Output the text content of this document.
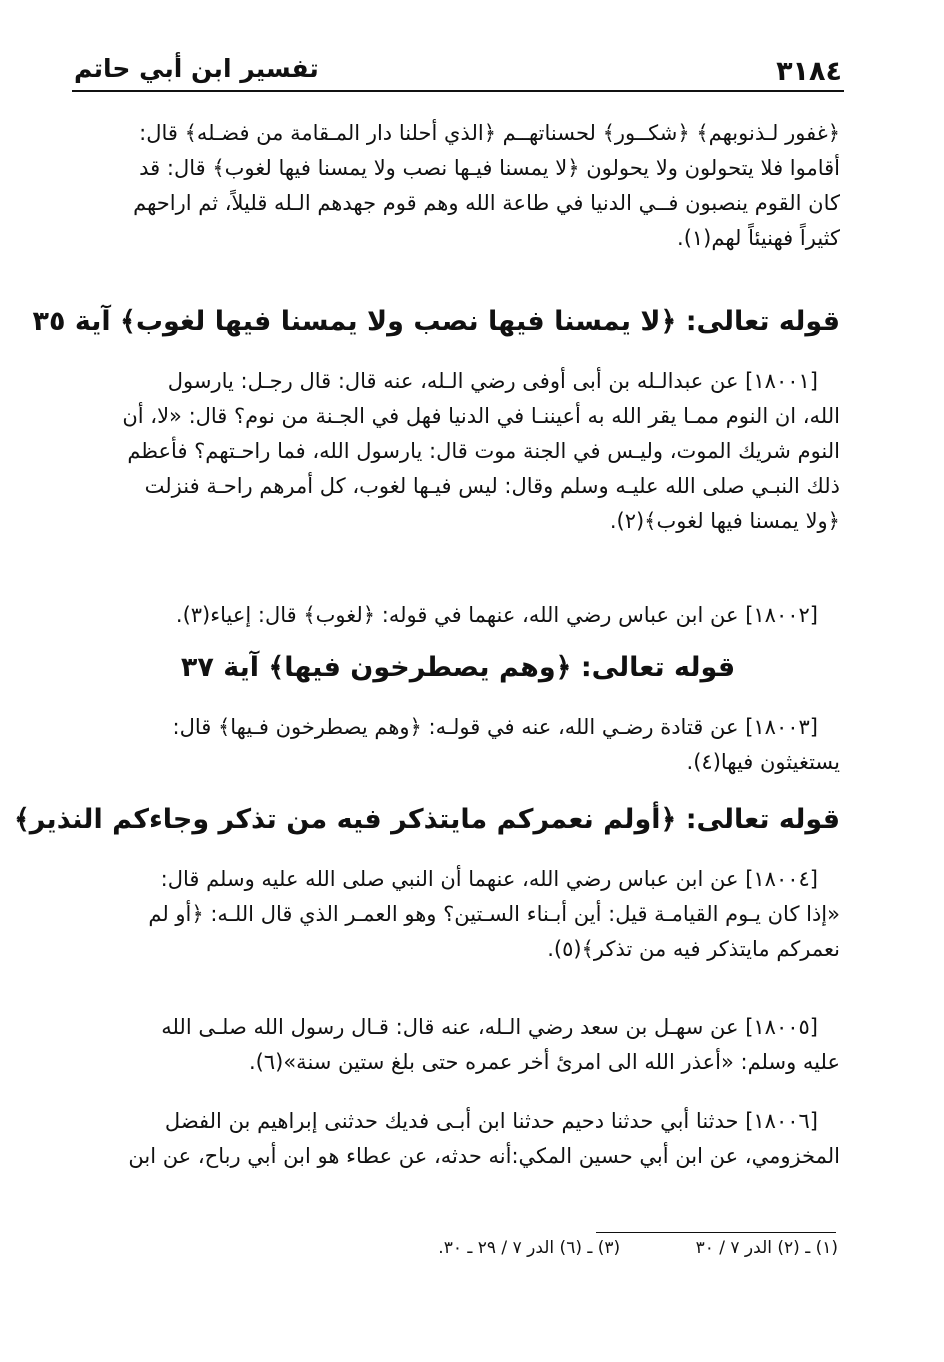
٣١٨٤
تفسير ابن أبي حاتم
﴿غفور لـذنوبهم﴾ ﴿شكــور﴾ لحسناتهــم ﴿الذي أحلنا دار المـقامة من فضـله﴾ قال:
أقاموا فلا يتحولون ولا يحولون ﴿لا يمسنا فيـها نصب ولا يمسنا فيها لغوب﴾ قال: قد
كان القوم ينصبون فــي الدنيا في طاعة الله وهم قوم جهدهم الـله قليلاً، ثم اراحهم
كثيراً فهنيئاً لهم(١).
قوله تعالى: ﴿لا يمسنا فيها نصب ولا يمسنا فيها لغوب﴾ آية ٣٥
[١٨٠٠١] عن عبدالـله بن أبى أوفى رضي الـله، عنه قال: قال رجـل: يارسول
الله، ان النوم ممـا يقر الله به أعيننـا في الدنيا فهل في الجـنة من نوم؟ قال: «لا، أن
النوم شريك الموت، وليـس في الجنة موت قال: يارسول الله، فما راحـتهم؟ فأعظم
ذلك النبـي صلى الله عليـه وسلم وقال: ليس فيـها لغوب، كل أمرهم راحـة فنزلت
﴿ولا يمسنا فيها لغوب﴾(٢).
[١٨٠٠٢] عن ابن عباس رضي الله، عنهما في قوله: ﴿لغوب﴾ قال: إعياء(٣).
قوله تعالى: ﴿وهم يصطرخون فيها﴾ آية ٣٧
[١٨٠٠٣] عن قتادة رضـي الله، عنه في قولـه: ﴿وهم يصطرخون فـيها﴾ قال:
يستغيثون فيها(٤).
قوله تعالى: ﴿أولم نعمركم مايتذكر فيه من تذكر وجاءكم النذير﴾
[١٨٠٠٤] عن ابن عباس رضي الله، عنهما أن النبي صلى الله عليه وسلم قال:
«إذا كان يـوم القيامـة قيل: أين أبـناء السـتين؟ وهو العمـر الذي قال اللـه: ﴿أو لم
نعمركم مايتذكر فيه من تذكر﴾(٥).
[١٨٠٠٥] عن سهـل بن سعد رضي الـله، عنه قال: قـال رسول الله صلـى الله
عليه وسلم: «أعذر الله الى امرئ أخر عمره حتى بلغ ستين سنة»(٦).
[١٨٠٠٦] حدثنا أبي حدثنا دحيم حدثنا ابن أبـى فديك حدثنى إبراهيم بن الفضل
المخزومي، عن ابن أبي حسين المكي:أنه حدثه، عن عطاء هو ابن أبي رباح، عن ابن
(١) ـ (٢) الدر ٧ / ٣٠ (٣) ـ (٦) الدر ٧ / ٢٩ ـ ٣٠.
